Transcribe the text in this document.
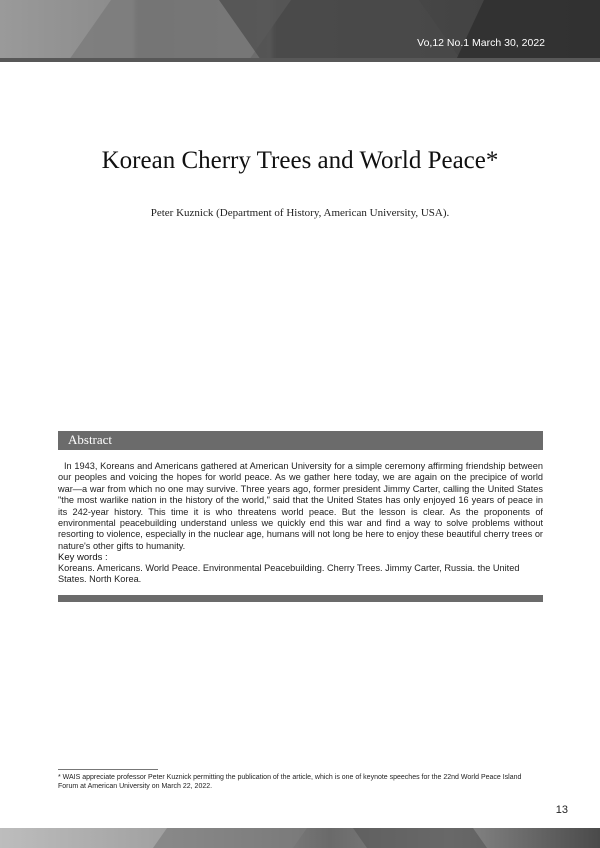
Vo,12 No.1 March 30, 2022
Korean Cherry Trees and World Peace*
Peter Kuznick (Department of History, American University, USA).
Abstract
In 1943, Koreans and Americans gathered at American University for a simple ceremony affirming friendship between our peoples and voicing the hopes for world peace. As we gather here today, we are again on the precipice of world war—a war from which no one may survive. Three years ago, former president Jimmy Carter, calling the United States "the most warlike nation in the history of the world," said that the United States has only enjoyed 16 years of peace in its 242-year history. This time it is who threatens world peace. But the lesson is clear. As the proponents of environmental peacebuilding understand unless we quickly end this war and find a way to solve problems without resorting to violence, especially in the nuclear age, humans will not long be here to enjoy these beautiful cherry trees or nature's other gifts to humanity.
Key words :
Koreans. Americans. World Peace. Environmental Peacebuilding. Cherry Trees. Jimmy Carter, Russia. the United States. North Korea.
* WAIS appreciate professor Peter Kuznick permitting the publication of the article, which is one of keynote speeches for the 22nd World Peace Island Forum at American University on March 22, 2022.
13
